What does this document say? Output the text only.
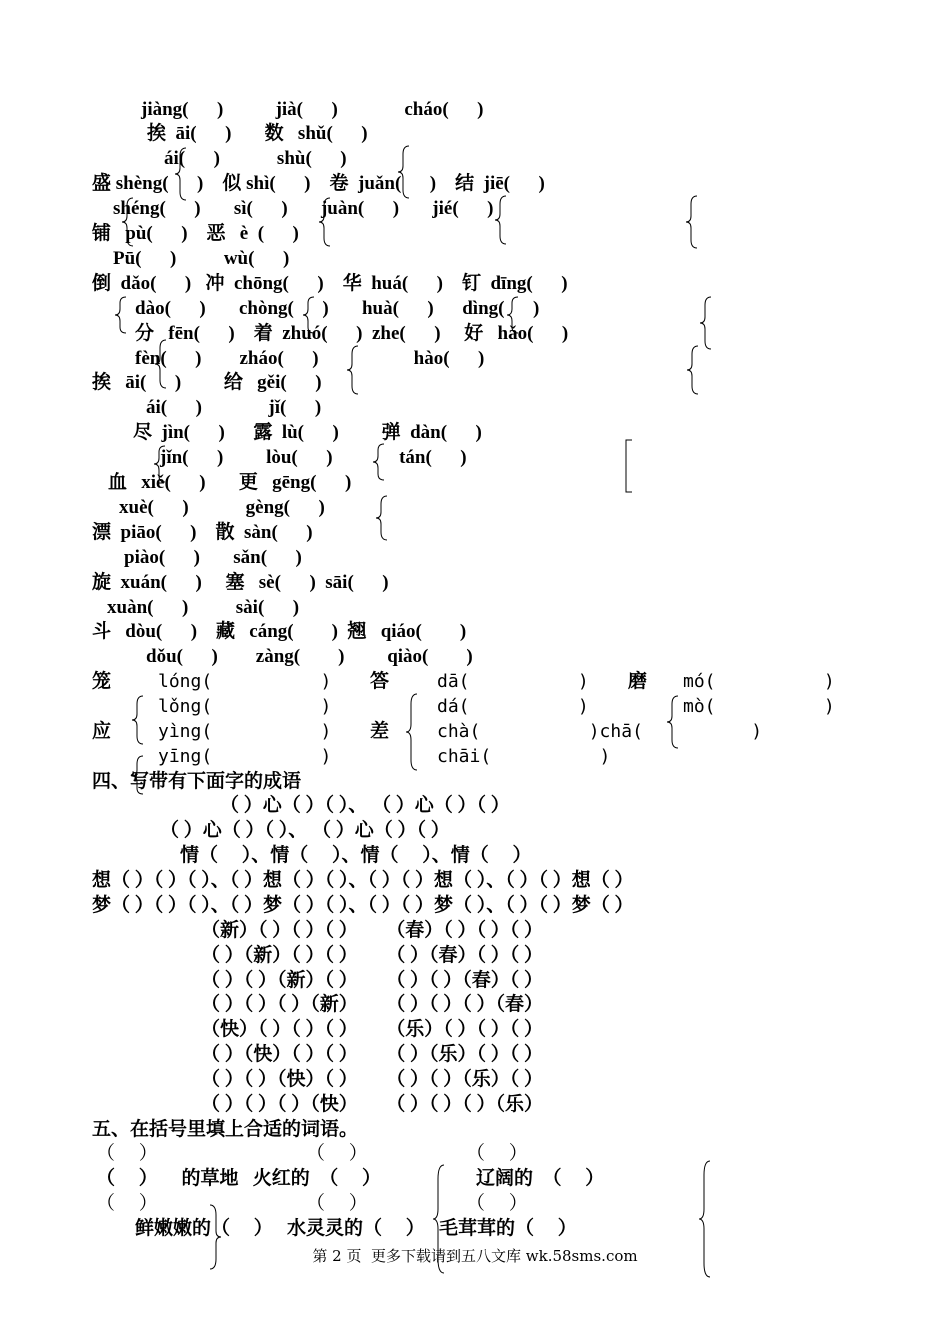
jiàng(      )           jià(      )              cháo(      )
挨  āi(      )       数   shǔ(      )
ái(      )            shù(      )
盛 shèng(      )    似 shì(      )    卷  juǎn(      )    结  jiē(      )
shéng(      )       sì(      )       juàn(      )       jié(      )
铺   pù(      )    恶   è  (      )
Pū(      )          wù(      )
倒  dǎo(      )   冲  chōng(      )    华  huá(      )    钉  dīng(      )
dào(      )       chòng(      )       huà(      )      dìng(      )
分   fēn(      )    着  zhuó(      )  zhe(      )     好   hǎo(      )
fèn(      )        zháo(      )                    hào(      )
挨   āi(      )         给   gěi(      )
ái(      )              jǐ(      )
尽  jìn(      )      露  lù(      )         弹  dàn(      )
jǐn(      )         lòu(      )              tán(      )
血   xiě(      )       更   gēng(      )
xuè(      )            gèng(      )
漂  piāo(      )    散  sàn(      )
piào(      )       sǎn(      )
旋  xuán(      )     塞   sè(      )  sāi(      )
xuàn(      )          sài(      )
斗   dòu(      )    藏   cáng(        )  翘   qiáo(        )
dǒu(      )        zàng(        )         qiào(        )
笼	lóng(          ) 答	dā(          ) 磨 mó(          )
lǒng(          )	dá(          )	mò(          )
应	yìng(          ) 差	chà(          )chā(          )
yīng(          )	chāi(          )
四、写带有下面字的成语
（ ）心（ ）（ ）、 （ ）心（ ）（ ）
（ ）心（ ）（ ）、 （ ）心（ ）（ ）
情（     ）、情（     ）、情（     ）、情（     ）
想（ ）（ ）（ ）、（ ）想（ ）（ ）、（ ）（ ）想（ ）、（ ）（ ）想（ ）
梦（ ）（ ）（ ）、（ ）梦（ ）（ ）、（ ）（ ）梦（ ）、（ ）（ ）梦（ ）
（新）（ ）（ ）（ ）      （春）（ ）（ ）（ ）
（ ）（新）（ ）（ ）      （ ）（春）（ ）（ ）
（ ）（ ）（新）（ ）      （ ）（ ）（春）（ ）
（ ）（ ）（ ）（新）      （ ）（ ）（ ）（春）
（快）（ ）（ ）（ ）      （乐）（ ）（ ）（ ）
（ ）（快）（ ）（ ）      （ ）（乐）（ ）（ ）
（ ）（ ）（快）（ ）      （ ）（ ）（乐）（ ）
（ ）（ ）（ ）（快）      （ ）（ ）（ ）（乐）
五、在括号里填上合适的词语。
（     ）	（     ）	（     ）
（     ）     的草地   火红的  （     ）	辽阔的  （     ）
（     ）	（     ）	（     ）
鲜嫩嫩的（     ）   水灵灵的（     ）   毛茸茸的（     ）
第 2 页  更多下载请到五八文库 wk.58sms.com
